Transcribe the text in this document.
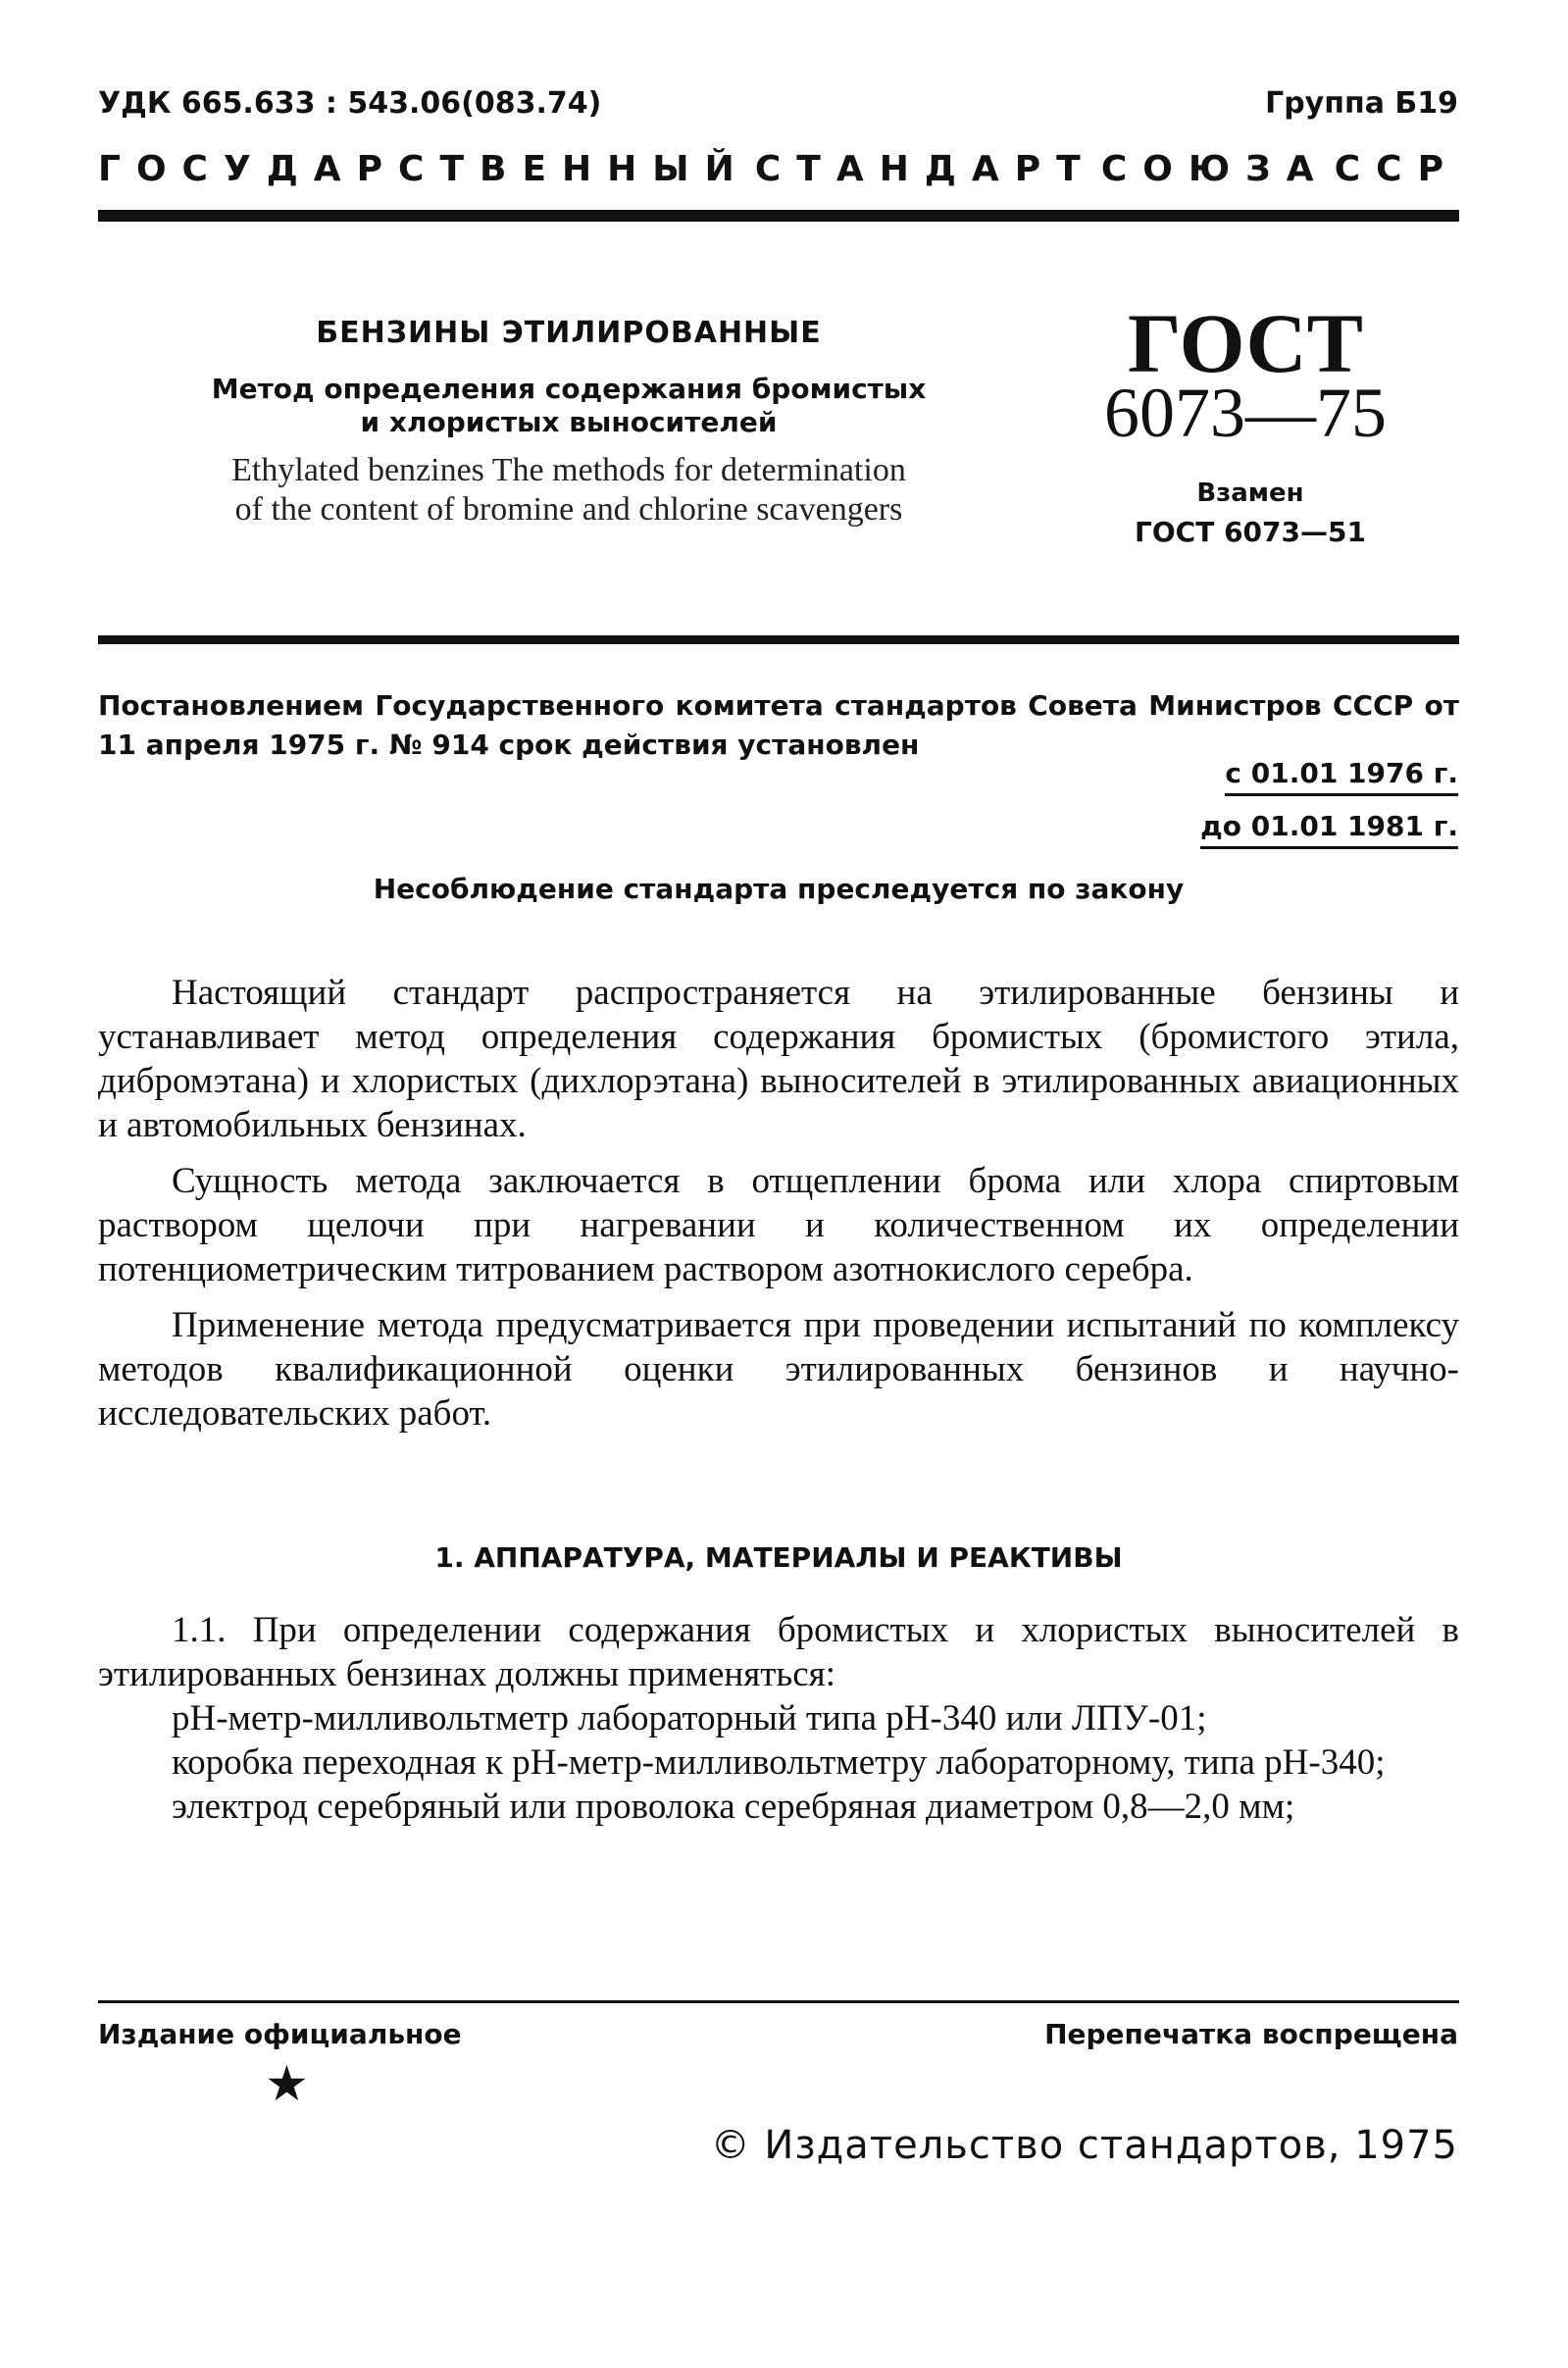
УДК 665.633 : 543.06(083.74)	Группа Б19
ГОСУДАРСТВЕННЫЙ СТАНДАРТ СОЮЗА ССР
БЕНЗИНЫ ЭТИЛИРОВАННЫЕ
Метод определения содержания бромистых
и хлористых выносителей
Ethylated benzines The methods for determination
of the content of bromine and chlorine scavengers
ГОСТ
6073—75
Взамен
ГОСТ 6073—51
Постановлением Государственного комитета стандартов Совета Министров СССР от 11 апреля 1975 г. № 914 срок действия установлен
с 01.01 1976 г.
до 01.01 1981 г.
Несоблюдение стандарта преследуется по закону

Настоящий стандарт распространяется на этилированные бензины и устанавливает метод определения содержания бромистых (бромистого этила, дибромэтана) и хлористых (дихлорэтана) выносителей в этилированных авиационных и автомобильных бензинах.

Сущность метода заключается в отщеплении брома или хлора спиртовым раствором щелочи при нагревании и количественном их определении потенциометрическим титрованием раствором азотнокислого серебра.

Применение метода предусматривается при проведении испытаний по комплексу методов квалификационной оценки этилированных бензинов и научно-исследовательских работ.

1. АППАРАТУРА, МАТЕРИАЛЫ И РЕАКТИВЫ

1.1. При определении содержания бромистых и хлористых выносителей в этилированных бензинах должны применяться:

рН-метр-милливольтметр лабораторный типа рН-340 или ЛПУ-01;

коробка переходная к рН-метр-милливольтметру лабораторному, типа рН-340;

электрод серебряный или проволока серебряная диаметром 0,8—2,0 мм;

Издание официальное	Перепечатка воспрещена
★
© Издательство стандартов, 1975
